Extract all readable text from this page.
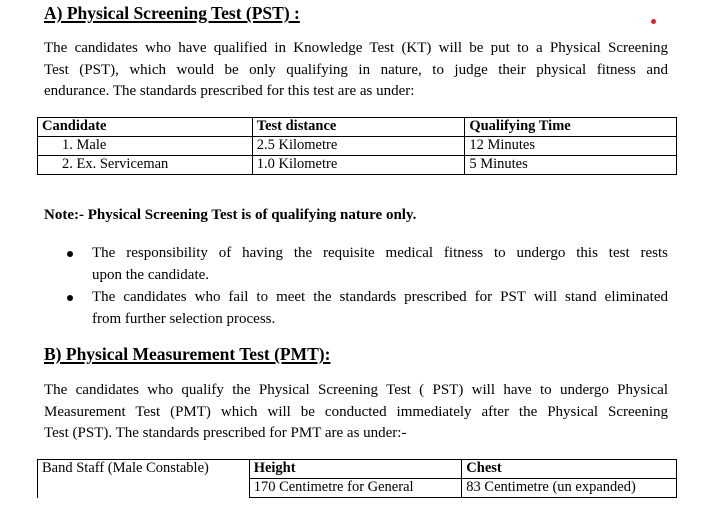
A) Physical Screening Test (PST) :
The candidates who have qualified in Knowledge Test (KT) will be put to a Physical Screening
Test (PST), which would be only qualifying in nature, to judge their physical fitness and
endurance. The standards prescribed for this test are as under:
Candidate	Test distance	Qualifying Time
1. Male	2.5 Kilometre	12 Minutes
2. Ex. Serviceman	1.0 Kilometre	5 Minutes
Note:- Physical Screening Test is of qualifying nature only.
The responsibility of having the requisite medical fitness to undergo this test rests
upon the candidate.
The candidates who fail to meet the standards prescribed for PST will stand eliminated
from further selection process.
B) Physical Measurement Test (PMT):
The candidates who qualify the Physical Screening Test ( PST) will have to undergo Physical
Measurement Test (PMT) which will be conducted immediately after the Physical Screening
Test (PST). The standards prescribed for PMT are as under:-
Band Staff (Male Constable)	Height	Chest
	170 Centimetre for General	83 Centimetre (un expanded)
